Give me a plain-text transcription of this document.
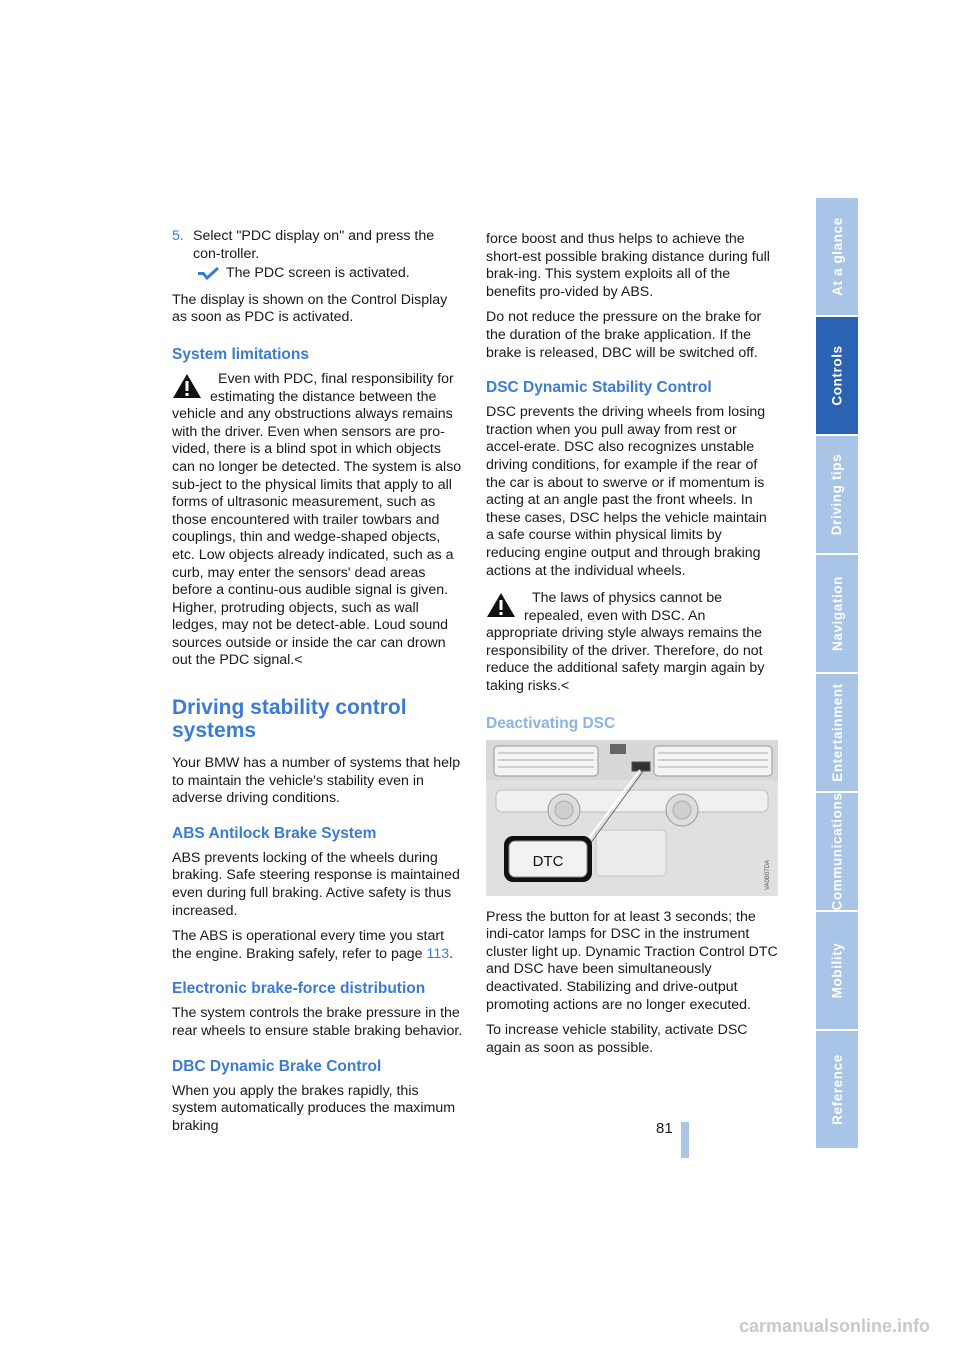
5. Select "PDC display on" and press the con-troller.
The PDC screen is activated.

The display is shown on the Control Display as soon as PDC is activated.

System limitations
Even with PDC, final responsibility for estimating the distance between the vehicle and any obstructions always remains with the driver. Even when sensors are pro-vided, there is a blind spot in which objects can no longer be detected. The system is also sub-ject to the physical limits that apply to all forms of ultrasonic measurement, such as those encountered with trailer towbars and couplings, thin and wedge-shaped objects, etc. Low objects already indicated, such as a curb, may enter the sensors' dead areas before a continu-ous audible signal is given. Higher, protruding objects, such as wall ledges, may not be detect-able. Loud sound sources outside or inside the car can drown out the PDC signal.<
Driving stability control systems

Your BMW has a number of systems that help to maintain the vehicle's stability even in adverse driving conditions.

ABS Antilock Brake System

ABS prevents locking of the wheels during braking. Safe steering response is maintained even during full braking. Active safety is thus increased.

The ABS is operational every time you start the engine. Braking safely, refer to page 113.

Electronic brake-force distribution

The system controls the brake pressure in the rear wheels to ensure stable braking behavior.

DBC Dynamic Brake Control

When you apply the brakes rapidly, this system automatically produces the maximum braking

force boost and thus helps to achieve the short-est possible braking distance during full brak-ing. This system exploits all of the benefits pro-vided by ABS.

Do not reduce the pressure on the brake for the duration of the brake application. If the brake is released, DBC will be switched off.

DSC Dynamic Stability Control

DSC prevents the driving wheels from losing traction when you pull away from rest or accel-erate. DSC also recognizes unstable driving conditions, for example if the rear of the car is about to swerve or if momentum is acting at an angle past the front wheels. In these cases, DSC helps the vehicle maintain a safe course within physical limits by reducing engine output and through braking actions at the individual wheels.

The laws of physics cannot be repealed, even with DSC. An appropriate driving style always remains the responsibility of the driver. Therefore, do not reduce the additional safety margin again by taking risks.<
Deactivating DSC
DTC	VA0B07DA

Press the button for at least 3 seconds; the indi-cator lamps for DSC in the instrument cluster light up. Dynamic Traction Control DTC and DSC have been simultaneously deactivated. Stabilizing and drive-output promoting actions are no longer executed.

To increase vehicle stability, activate DSC again as soon as possible.

At a glance
Controls
Driving tips
Navigation
Entertainment
Communications
Mobility
Reference
81
carmanualsonline.info
